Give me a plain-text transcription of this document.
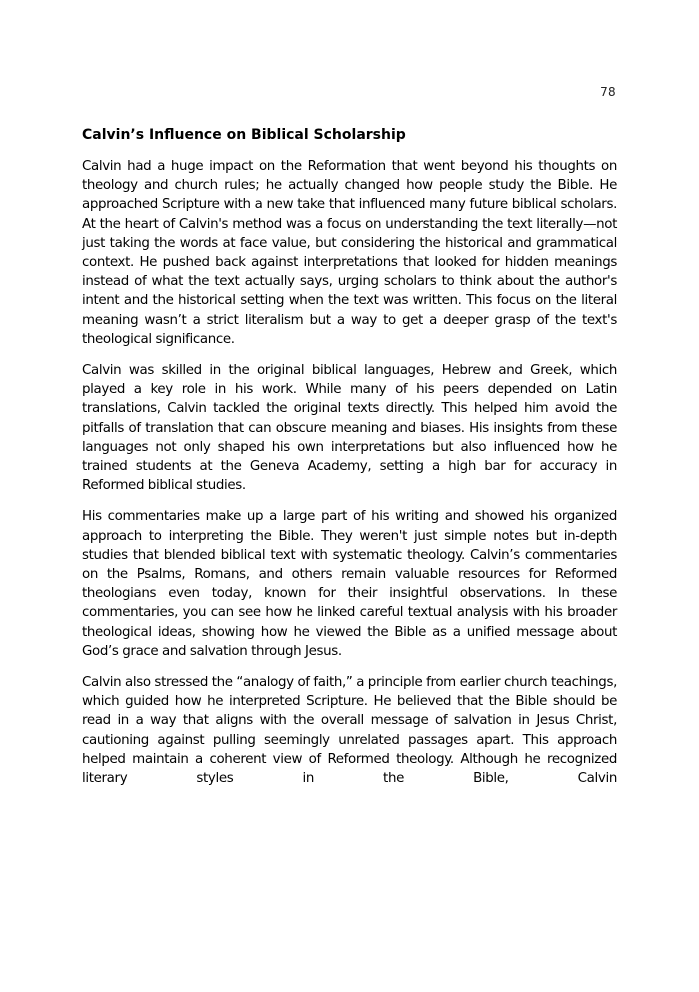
78
Calvin’s Influence on Biblical Scholarship

Calvin had a huge impact on the Reformation that went beyond his thoughts on theology and church rules; he actually changed how people study the Bible. He approached Scripture with a new take that influenced many future biblical scholars. At the heart of Calvin's method was a focus on understanding the text literally—not just taking the words at face value, but considering the historical and grammatical context. He pushed back against interpretations that looked for hidden meanings instead of what the text actually says, urging scholars to think about the author's intent and the historical setting when the text was written. This focus on the literal meaning wasn’t a strict literalism but a way to get a deeper grasp of the text's theological significance.

Calvin was skilled in the original biblical languages, Hebrew and Greek, which played a key role in his work. While many of his peers depended on Latin translations, Calvin tackled the original texts directly. This helped him avoid the pitfalls of translation that can obscure meaning and biases. His insights from these languages not only shaped his own interpretations but also influenced how he trained students at the Geneva Academy, setting a high bar for accuracy in Reformed biblical studies.

His commentaries make up a large part of his writing and showed his organized approach to interpreting the Bible. They weren't just simple notes but in-depth studies that blended biblical text with systematic theology. Calvin’s commentaries on the Psalms, Romans, and others remain valuable resources for Reformed theologians even today, known for their insightful observations. In these commentaries, you can see how he linked careful textual analysis with his broader theological ideas, showing how he viewed the Bible as a unified message about God’s grace and salvation through Jesus.

Calvin also stressed the “analogy of faith,” a principle from earlier church teachings, which guided how he interpreted Scripture. He believed that the Bible should be read in a way that aligns with the overall message of salvation in Jesus Christ, cautioning against pulling seemingly unrelated passages apart. This approach helped maintain a coherent view of Reformed theology. Although he recognized literary styles in the Bible, Calvin
